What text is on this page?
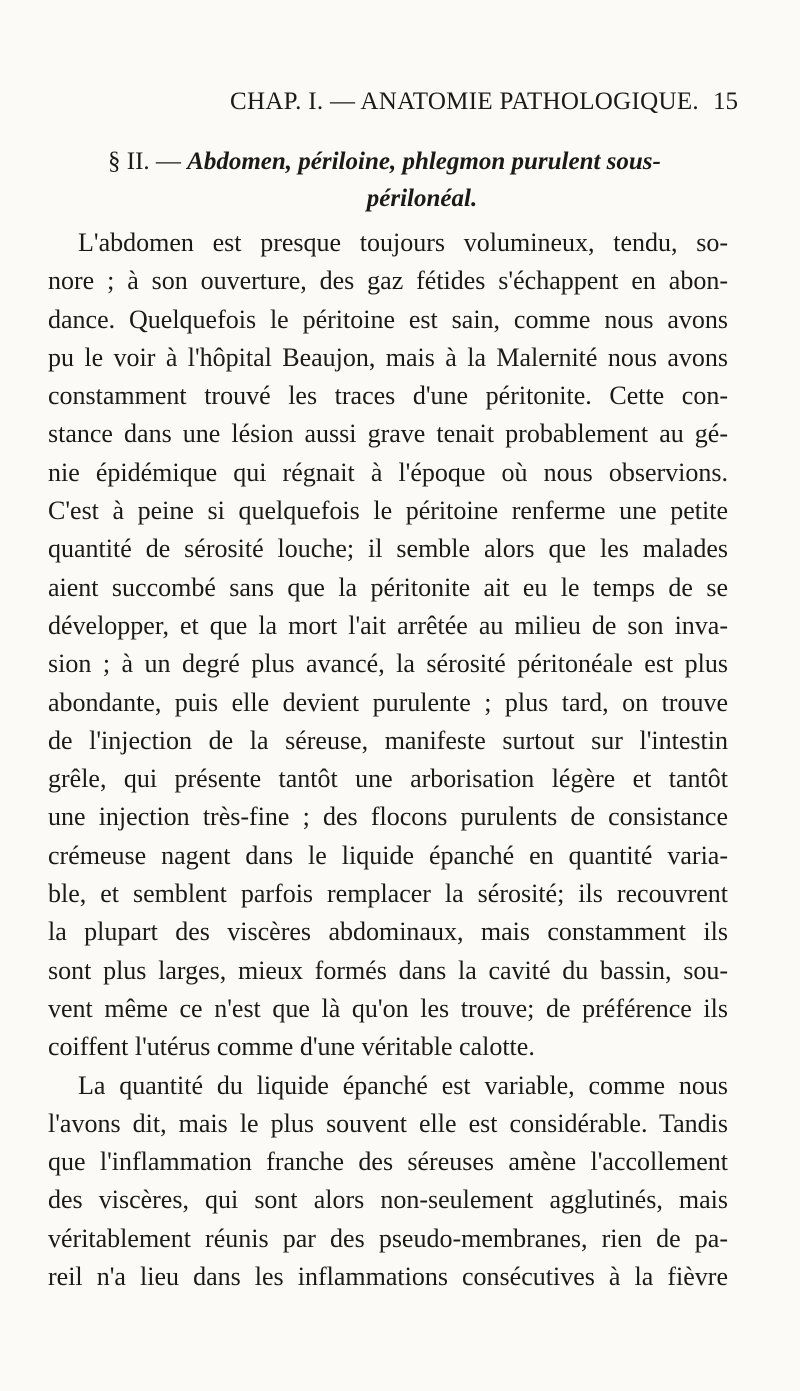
CHAP. I. — ANATOMIE PATHOLOGIQUE. 15
§ II. — Abdomen, périloine, phlegmon purulent sous-
périlonéal.
L'abdomen est presque toujours volumineux, tendu, so-
nore ; à son ouverture, des gaz fétides s'échappent en abon-
dance. Quelquefois le péritoine est sain, comme nous avons
pu le voir à l'hôpital Beaujon, mais à la Malernité nous avons
constamment trouvé les traces d'une péritonite. Cette con-
stance dans une lésion aussi grave tenait probablement au gé-
nie épidémique qui régnait à l'époque où nous observions.
C'est à peine si quelquefois le péritoine renferme une petite
quantité de sérosité louche; il semble alors que les malades
aient succombé sans que la péritonite ait eu le temps de se
développer, et que la mort l'ait arrêtée au milieu de son inva-
sion ; à un degré plus avancé, la sérosité péritonéale est plus
abondante, puis elle devient purulente ; plus tard, on trouve
de l'injection de la séreuse, manifeste surtout sur l'intestin
grêle, qui présente tantôt une arborisation légère et tantôt
une injection très-fine ; des flocons purulents de consistance
crémeuse nagent dans le liquide épanché en quantité varia-
ble, et semblent parfois remplacer la sérosité; ils recouvrent
la plupart des viscères abdominaux, mais constamment ils
sont plus larges, mieux formés dans la cavité du bassin, sou-
vent même ce n'est que là qu'on les trouve; de préférence ils
coiffent l'utérus comme d'une véritable calotte.
La quantité du liquide épanché est variable, comme nous
l'avons dit, mais le plus souvent elle est considérable. Tandis
que l'inflammation franche des séreuses amène l'accollement
des viscères, qui sont alors non-seulement agglutinés, mais
véritablement réunis par des pseudo-membranes, rien de pa-
reil n'a lieu dans les inflammations consécutives à la fièvre
